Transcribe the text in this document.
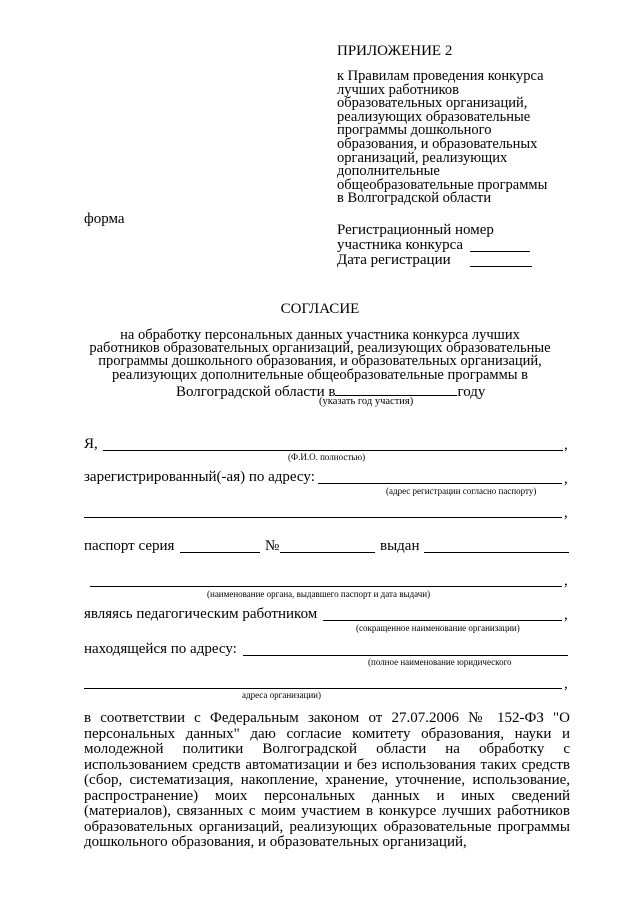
ПРИЛОЖЕНИЕ 2
к Правилам проведения конкурса
лучших работников
образовательных организаций,
реализующих образовательные
программы дошкольного
образования, и образовательных
организаций, реализующих
дополнительные
общеобразовательные программы
в Волгоградской области
форма
Регистрационный номер
участника конкурса
Дата регистрации
СОГЛАСИЕ
на обработку персональных данных участника конкурса лучших
работников образовательных организаций, реализующих образовательные
программы дошкольного образования, и образовательных организаций,
реализующих дополнительные общеобразовательные программы в
Волгоградской области в	году
(указать год участия)
Я,	,
(Ф.И.О. полностью)
зарегистрированный(-ая) по адресу:	,
(адрес регистрации согласно паспорту)
,
паспорт серия	№	выдан
,
(наименование органа, выдавшего паспорт и дата выдачи)
являясь педагогическим работником	,
(сокращенное наименование организации)
находящейся по адресу:
(полное наименование юридического
,
адреса организации)
в соответствии с Федеральным законом от 27.07.2006 № 152-ФЗ "О персональных данных" даю согласие комитету образования, науки и молодежной политики Волгоградской области на обработку с использованием средств автоматизации и без использования таких средств (сбор, систематизация, накопление, хранение, уточнение, использование, распространение) моих персональных данных и иных сведений (материалов), связанных с моим участием в конкурсе лучших работников образовательных организаций, реализующих образовательные программы дошкольного образования, и образовательных организаций,
